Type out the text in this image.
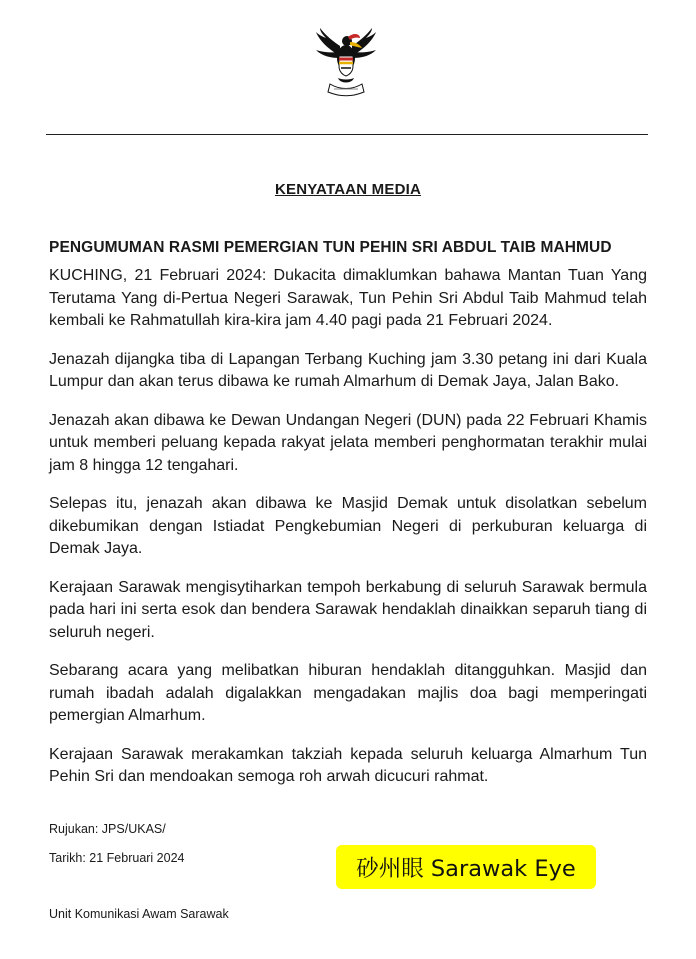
KENYATAAN MEDIA
PENGUMUMAN RASMI PEMERGIAN TUN PEHIN SRI ABDUL TAIB MAHMUD

KUCHING, 21 Februari 2024: Dukacita dimaklumkan bahawa Mantan Tuan Yang Terutama Yang di-Pertua Negeri Sarawak, Tun Pehin Sri Abdul Taib Mahmud telah kembali ke Rahmatullah kira-kira jam 4.40 pagi pada 21 Februari 2024.

Jenazah dijangka tiba di Lapangan Terbang Kuching jam 3.30 petang ini dari Kuala Lumpur dan akan terus dibawa ke rumah Almarhum di Demak Jaya, Jalan Bako.

Jenazah akan dibawa ke Dewan Undangan Negeri (DUN) pada 22 Februari Khamis untuk memberi peluang kepada rakyat jelata memberi penghormatan terakhir mulai jam 8 hingga 12 tengahari.

Selepas itu, jenazah akan dibawa ke Masjid Demak untuk disolatkan sebelum dikebumikan dengan Istiadat Pengkebumian Negeri di perkuburan keluarga di Demak Jaya.

Kerajaan Sarawak mengisytiharkan tempoh berkabung di seluruh Sarawak bermula pada hari ini serta esok dan bendera Sarawak hendaklah dinaikkan separuh tiang di seluruh negeri.

Sebarang acara yang melibatkan hiburan hendaklah ditangguhkan. Masjid dan rumah ibadah adalah digalakkan mengadakan majlis doa bagi memperingati pemergian Almarhum.

Kerajaan Sarawak merakamkan takziah kepada seluruh keluarga Almarhum Tun Pehin Sri dan mendoakan semoga roh arwah dicucuri rahmat.

Rujukan: JPS/UKAS/
Tarikh: 21 Februari 2024
Unit Komunikasi Awam Sarawak
砂州眼 Sarawak Eye
